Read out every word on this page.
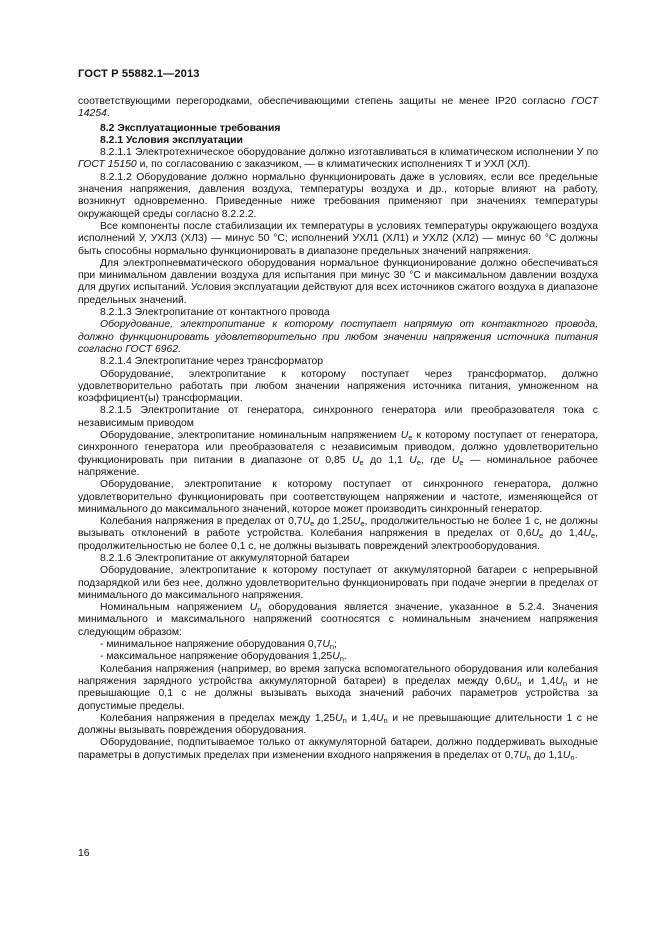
ГОСТ Р 55882.1—2013

соответствующими перегородками, обеспечивающими степень защиты не менее IP20 согласно ГОСТ 14254.

8.2 Эксплуатационные требования

8.2.1 Условия эксплуатации

8.2.1.1 Электротехническое оборудование должно изготавливаться в климатическом исполнении У по ГОСТ 15150 и, по согласованию с заказчиком, — в климатических исполнениях Т и УХЛ (ХЛ).

8.2.1.2 Оборудование должно нормально функционировать даже в условиях, если все предельные значения напряжения, давления воздуха, температуры воздуха и др., которые влияют на работу, возникнут одновременно. Приведенные ниже требования применяют при значениях температуры окружающей среды согласно 8.2.2.2.

Все компоненты после стабилизации их температуры в условиях температуры окружающего воздуха исполнений У, УХЛ3 (ХЛ3) — минус 50 °С; исполнений УХЛ1 (ХЛ1) и УХЛ2 (ХЛ2) — минус 60 °С должны быть способны нормально функционировать в диапазоне предельных значений напряжения.

Для электропневматического оборудования нормальное функционирование должно обеспечиваться при минимальном давлении воздуха для испытания при минус 30 °С и максимальном давлении воздуха для других испытаний. Условия эксплуатации действуют для всех источников сжатого воздуха в диапазоне предельных значений.

8.2.1.3 Электропитание от контактного провода

Оборудование, электропитание к которому поступает напрямую от контактного провода, должно функционировать удовлетворительно при любом значении напряжения источника питания согласно ГОСТ 6962.

8.2.1.4 Электропитание через трансформатор

Оборудование, электропитание к которому поступает через трансформатор, должно удовлетворительно работать при любом значении напряжения источника питания, умноженном на коэффициент(ы) трансформации.

8.2.1.5 Электропитание от генератора, синхронного генератора или преобразователя тока с независимым приводом

Оборудование, электропитание номинальным напряжением $U_е$ к которому поступает от генератора, синхронного генератора или преобразователя с независимым приводом, должно удовлетворительно функционировать при питании в диапазоне от 0,85 $U_е$ до 1,1 $U_е$, где $U_е$ — номинальное рабочее напряжение.

Оборудование, электропитание к которому поступает от синхронного генератора, должно удовлетворительно функционировать при соответствующем напряжении и частоте, изменяющейся от минимального до максимального значений, которое может производить синхронный генератор.

Колебания напряжения в пределах от $0,7U_е$ до $1,25U_е$, продолжительностью не более 1 с, не должны вызывать отклонений в работе устройства. Колебания напряжения в пределах от $0,6U_е$ до $1,4U_е$, продолжительностью не более 0,1 с, не должны вызывать повреждений электрооборудования.

8.2.1.6 Электропитание от аккумуляторной батареи

Оборудование, электропитание к которому поступает от аккумуляторной батареи с непрерывной подзарядкой или без нее, должно удовлетворительно функционировать при подаче энергии в пределах от минимального до максимального напряжения.

Номинальным напряжением $U_n$ оборудования является значение, указанное в 5.2.4. Значения минимального и максимального напряжений соотносятся с номинальным значением напряжения следующим образом:

- минимальное напряжение оборудования $0,7U_n$;

- максимальное напряжение оборудования $1,25U_n$.

Колебания напряжения (например, во время запуска вспомогательного оборудования или колебания напряжения зарядного устройства аккумуляторной батареи) в пределах между $0,6U_n$ и $1,4U_n$ и не превышающие 0,1 с не должны вызывать выхода значений рабочих параметров устройства за допустимые пределы.

Колебания напряжения в пределах между $1,25U_n$ и $1,4U_n$ и не превышающие длительности 1 с не должны вызывать повреждения оборудования.

Оборудование, подпитываемое только от аккумуляторной батареи, должно поддерживать выходные параметры в допустимых пределах при изменении входного напряжения в пределах от $0,7U_n$ до $1,1U_n$.

16
